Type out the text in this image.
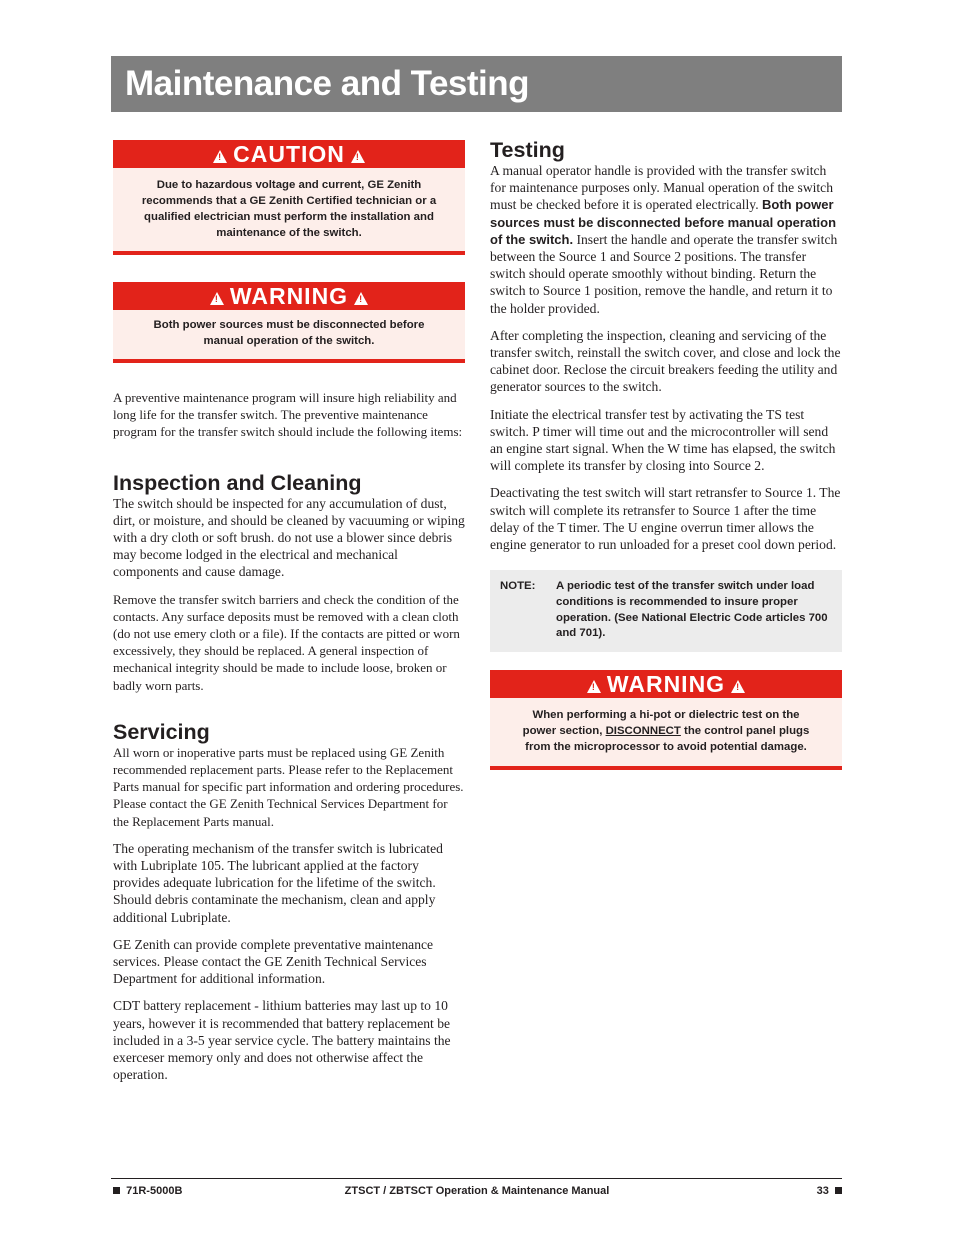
Maintenance and Testing
!CAUTION!
Due to hazardous voltage and current, GE Zenith recommends that a GE Zenith Certified technician or a qualified electrician must perform the installation and maintenance of the switch.
!WARNING!
Both power sources must be disconnected before manual operation of the switch.

A preventive maintenance program will insure high reliability and long life for the transfer switch. The preventive maintenance program for the transfer switch should include the following items:

Inspection and Cleaning

The switch should be inspected for any accumulation of dust, dirt, or moisture, and should be cleaned by vacuuming or wiping with a dry cloth or soft brush. do not use a blower since debris may become lodged in the electrical and mechanical components and cause damage.

Remove the transfer switch barriers and check the condition of the contacts. Any surface deposits must be removed with a clean cloth (do not use emery cloth or a file). If the contacts are pitted or worn excessively, they should be replaced. A general inspection of mechanical integrity should be made to include loose, broken or badly worn parts.

Servicing

All worn or inoperative parts must be replaced using GE Zenith recommended replacement parts. Please refer to the Replacement Parts manual for specific part information and ordering procedures. Please contact the GE Zenith Technical Services Department for the Replacement Parts manual.

The operating mechanism of the transfer switch is lubricated with Lubriplate 105. The lubricant applied at the factory provides adequate lubrication for the lifetime of the switch. Should debris contaminate the mechanism, clean and apply additional Lubriplate.

GE Zenith can provide complete preventative maintenance services. Please contact the GE Zenith Technical Services Department for additional information.

CDT battery replacement - lithium batteries may last up to 10 years, however it is recommended that battery replacement be included in a 3-5 year service cycle. The battery maintains the exerceser memory only and does not otherwise affect the operation.

Testing

A manual operator handle is provided with the transfer switch for maintenance purposes only. Manual operation of the switch must be checked before it is operated electrically. Both power sources must be disconnected before manual operation of the switch. Insert the handle and operate the transfer switch between the Source 1 and Source 2 positions. The transfer switch should operate smoothly without binding. Return the switch to Source 1 position, remove the handle, and return it to the holder provided.

After completing the inspection, cleaning and servicing of the transfer switch, reinstall the switch cover, and close and lock the cabinet door. Reclose the circuit breakers feeding the utility and generator sources to the switch.

Initiate the electrical transfer test by activating the TS test switch. P timer will time out and the microcontroller will send an engine start signal. When the W time has elapsed, the switch will complete its transfer by closing into Source 2.

Deactivating the test switch will start retransfer to Source 1. The switch will complete its retransfer to Source 1 after the time delay of the T timer. The U engine overrun timer allows the engine generator to run unloaded for a preset cool down period.

NOTE:	A periodic test of the transfer switch under load conditions is recommended to insure proper operation. (See National Electric Code articles 700 and 701).
!WARNING!
When performing a hi-pot or dielectric test on the power section, DISCONNECT the control panel plugs from the microprocessor to avoid potential damage.
71R-5000B	ZTSCT / ZBTSCT Operation & Maintenance Manual	33
